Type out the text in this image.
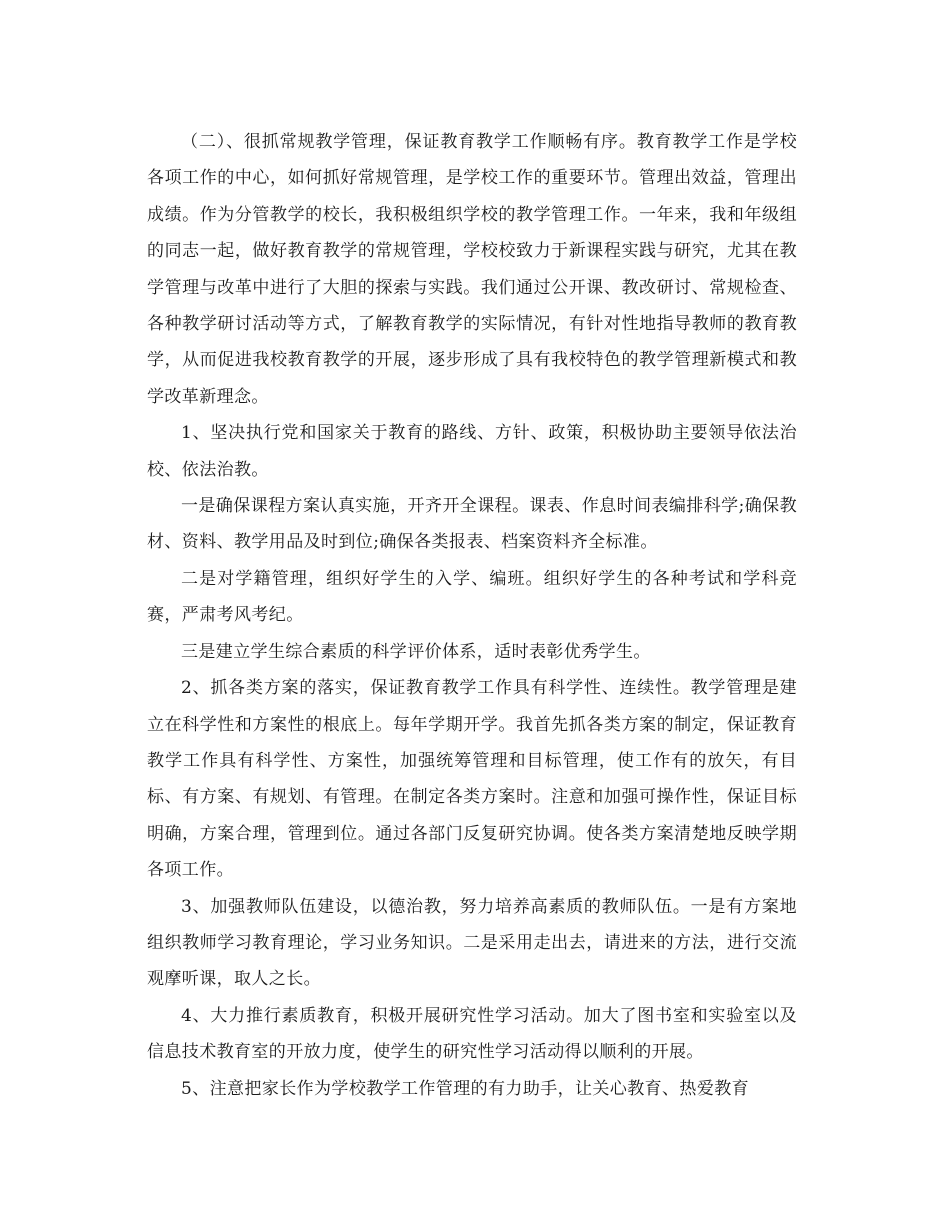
（二）、很抓常规教学管理，保证教育教学工作顺畅有序。教育教学工作是学校各项工作的中心，如何抓好常规管理，是学校工作的重要环节。管理出效益，管理出成绩。作为分管教学的校长，我积极组织学校的教学管理工作。一年来，我和年级组的同志一起，做好教育教学的常规管理，学校校致力于新课程实践与研究，尤其在教学管理与改革中进行了大胆的探索与实践。我们通过公开课、教改研讨、常规检查、各种教学研讨活动等方式，了解教育教学的实际情况，有针对性地指导教师的教育教学，从而促进我校教育教学的开展，逐步形成了具有我校特色的教学管理新模式和教学改革新理念。

1、坚决执行党和国家关于教育的路线、方针、政策，积极协助主要领导依法治校、依法治教。

一是确保课程方案认真实施，开齐开全课程。课表、作息时间表编排科学;确保教材、资料、教学用品及时到位;确保各类报表、档案资料齐全标准。

二是对学籍管理，组织好学生的入学、编班。组织好学生的各种考试和学科竞赛，严肃考风考纪。

三是建立学生综合素质的科学评价体系，适时表彰优秀学生。

2、抓各类方案的落实，保证教育教学工作具有科学性、连续性。教学管理是建立在科学性和方案性的根底上。每年学期开学。我首先抓各类方案的制定，保证教育教学工作具有科学性、方案性，加强统筹管理和目标管理，使工作有的放矢，有目标、有方案、有规划、有管理。在制定各类方案时。注意和加强可操作性，保证目标明确，方案合理，管理到位。通过各部门反复研究协调。使各类方案清楚地反映学期各项工作。

3、加强教师队伍建设，以德治教，努力培养高素质的教师队伍。一是有方案地组织教师学习教育理论，学习业务知识。二是采用走出去，请进来的方法，进行交流观摩听课，取人之长。

4、大力推行素质教育，积极开展研究性学习活动。加大了图书室和实验室以及信息技术教育室的开放力度，使学生的研究性学习活动得以顺利的开展。

5、注意把家长作为学校教学工作管理的有力助手，让关心教育、热爱教育
